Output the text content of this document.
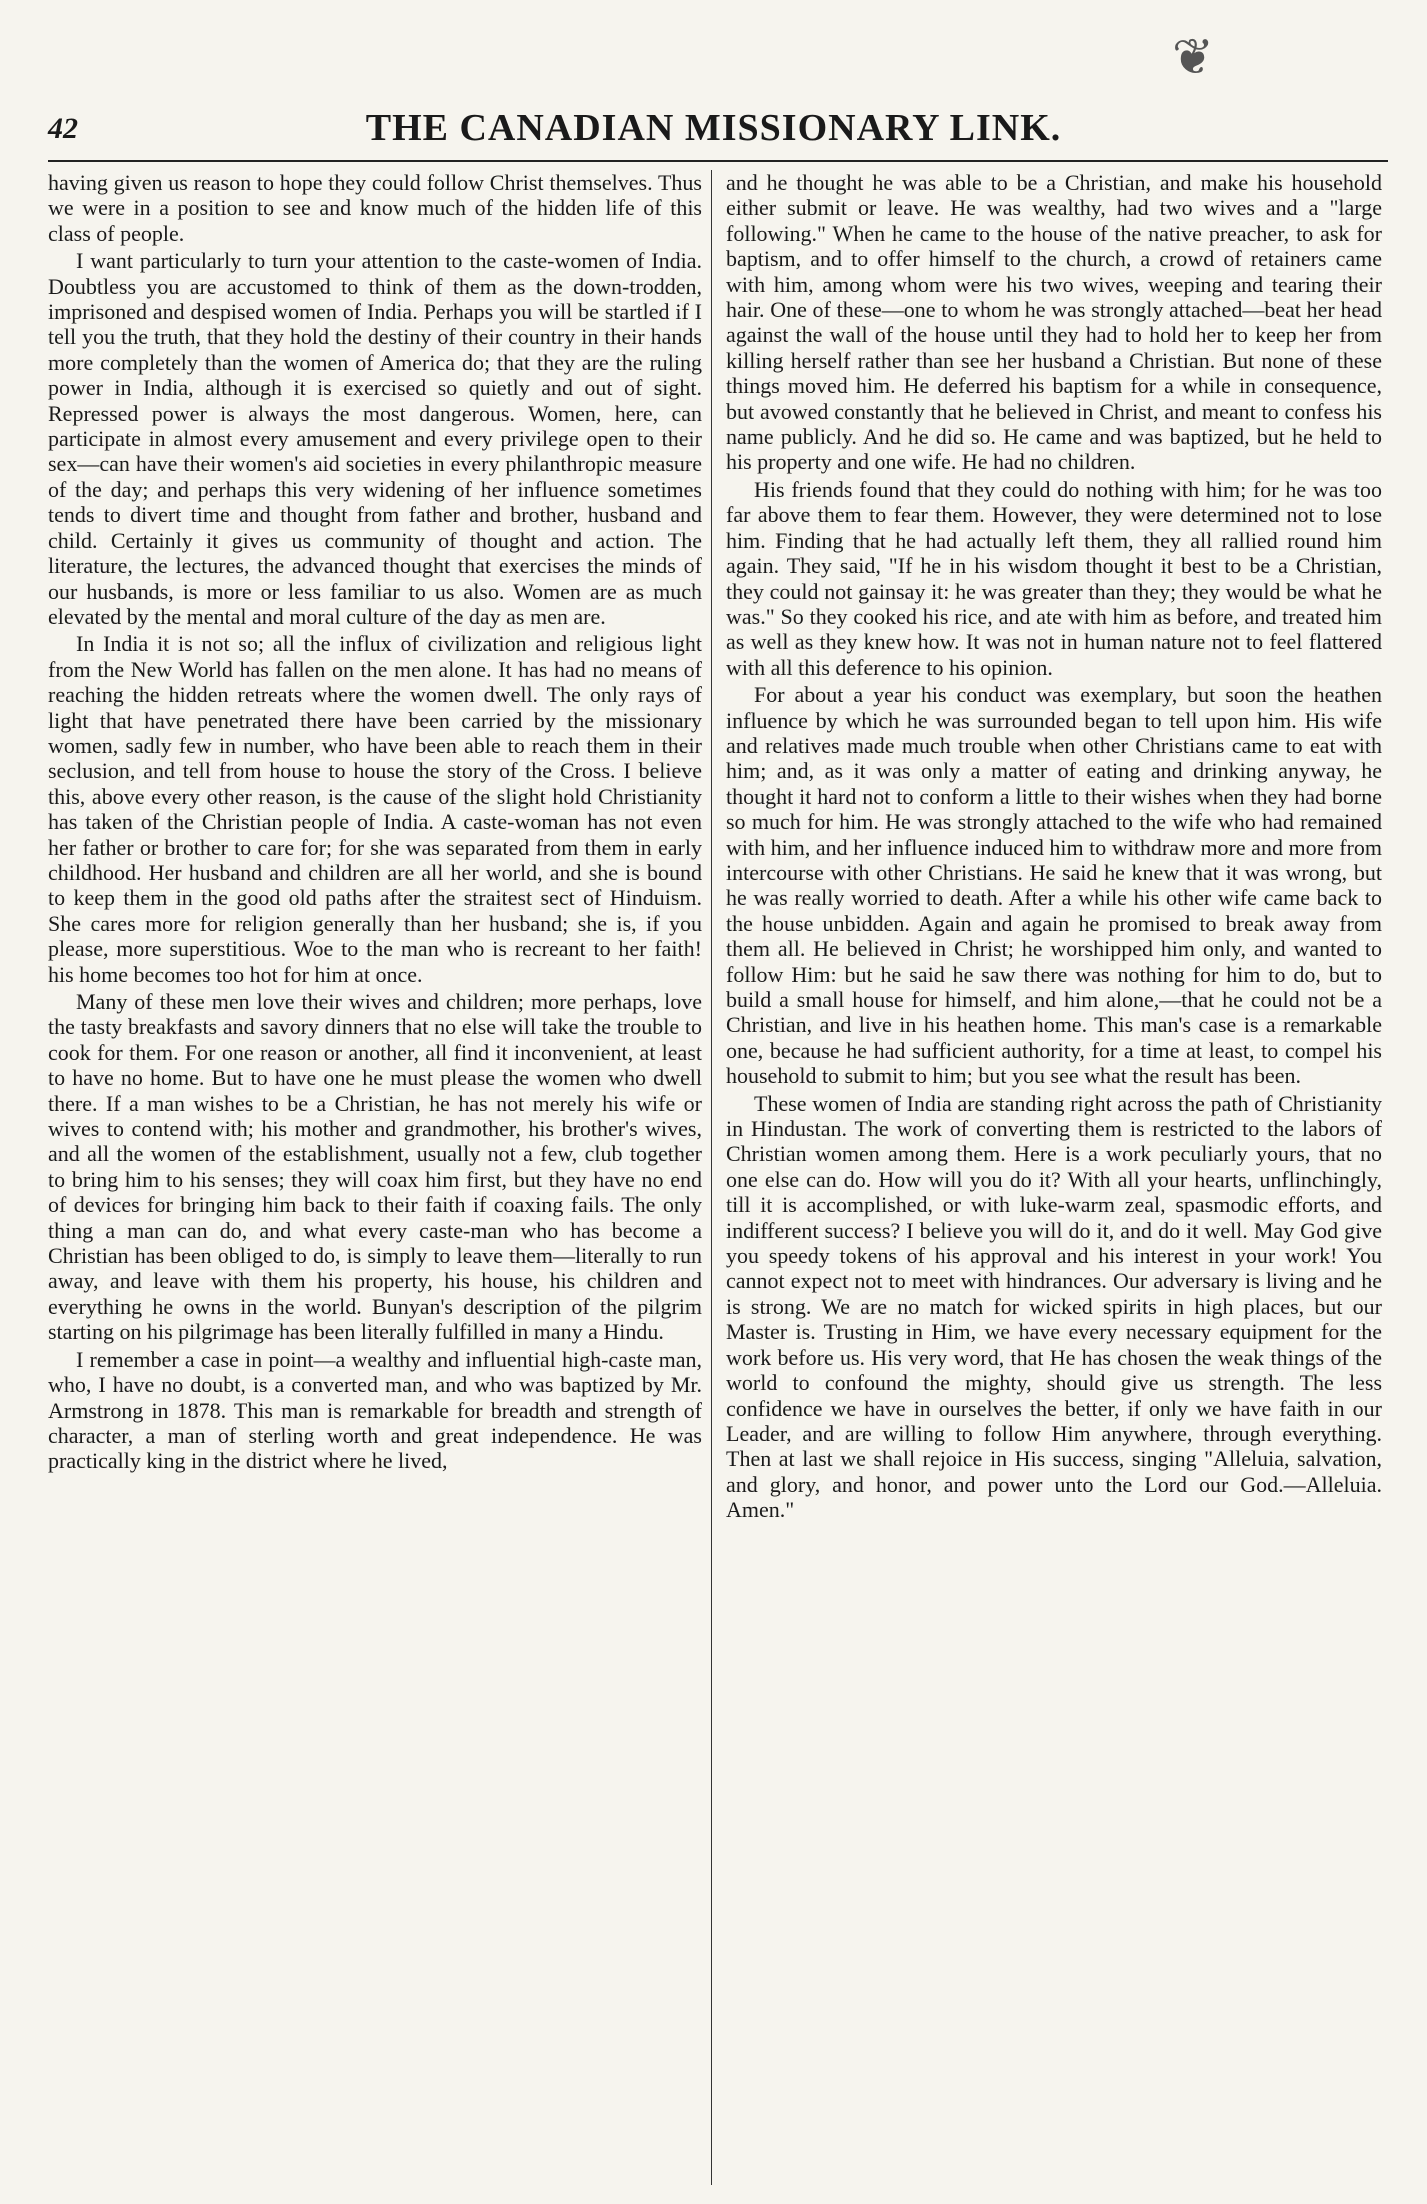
42
❦
THE CANADIAN MISSIONARY LINK.

having given us reason to hope they could follow Christ themselves. Thus we were in a position to see and know much of the hidden life of this class of people.

I want particularly to turn your attention to the caste-women of India. Doubtless you are accustomed to think of them as the down-trodden, imprisoned and despised women of India. Perhaps you will be startled if I tell you the truth, that they hold the destiny of their country in their hands more completely than the women of America do; that they are the ruling power in India, although it is exercised so quietly and out of sight. Repressed power is always the most dangerous. Women, here, can participate in almost every amusement and every privilege open to their sex—can have their women's aid societies in every philanthropic measure of the day; and perhaps this very widening of her influence sometimes tends to divert time and thought from father and brother, husband and child. Certainly it gives us community of thought and action. The literature, the lectures, the advanced thought that exercises the minds of our husbands, is more or less familiar to us also. Women are as much elevated by the mental and moral culture of the day as men are.

In India it is not so; all the influx of civilization and religious light from the New World has fallen on the men alone. It has had no means of reaching the hidden retreats where the women dwell. The only rays of light that have penetrated there have been carried by the missionary women, sadly few in number, who have been able to reach them in their seclusion, and tell from house to house the story of the Cross. I believe this, above every other reason, is the cause of the slight hold Christianity has taken of the Christian people of India. A caste-woman has not even her father or brother to care for; for she was separated from them in early childhood. Her husband and children are all her world, and she is bound to keep them in the good old paths after the straitest sect of Hinduism. She cares more for religion generally than her husband; she is, if you please, more superstitious. Woe to the man who is recreant to her faith! his home becomes too hot for him at once.

Many of these men love their wives and children; more perhaps, love the tasty breakfasts and savory dinners that no else will take the trouble to cook for them. For one reason or another, all find it inconvenient, at least to have no home. But to have one he must please the women who dwell there. If a man wishes to be a Christian, he has not merely his wife or wives to contend with; his mother and grandmother, his brother's wives, and all the women of the establishment, usually not a few, club together to bring him to his senses; they will coax him first, but they have no end of devices for bringing him back to their faith if coaxing fails. The only thing a man can do, and what every caste-man who has become a Christian has been obliged to do, is simply to leave them—literally to run away, and leave with them his property, his house, his children and everything he owns in the world. Bunyan's description of the pilgrim starting on his pilgrimage has been literally fulfilled in many a Hindu.

I remember a case in point—a wealthy and influential high-caste man, who, I have no doubt, is a converted man, and who was baptized by Mr. Armstrong in 1878. This man is remarkable for breadth and strength of character, a man of sterling worth and great independence. He was practically king in the district where he lived,

and he thought he was able to be a Christian, and make his household either submit or leave. He was wealthy, had two wives and a "large following." When he came to the house of the native preacher, to ask for baptism, and to offer himself to the church, a crowd of retainers came with him, among whom were his two wives, weeping and tearing their hair. One of these—one to whom he was strongly attached—beat her head against the wall of the house until they had to hold her to keep her from killing herself rather than see her husband a Christian. But none of these things moved him. He deferred his baptism for a while in consequence, but avowed constantly that he believed in Christ, and meant to confess his name publicly. And he did so. He came and was baptized, but he held to his property and one wife. He had no children.

His friends found that they could do nothing with him; for he was too far above them to fear them. However, they were determined not to lose him. Finding that he had actually left them, they all rallied round him again. They said, "If he in his wisdom thought it best to be a Christian, they could not gainsay it: he was greater than they; they would be what he was." So they cooked his rice, and ate with him as before, and treated him as well as they knew how. It was not in human nature not to feel flattered with all this deference to his opinion.

For about a year his conduct was exemplary, but soon the heathen influence by which he was surrounded began to tell upon him. His wife and relatives made much trouble when other Christians came to eat with him; and, as it was only a matter of eating and drinking anyway, he thought it hard not to conform a little to their wishes when they had borne so much for him. He was strongly attached to the wife who had remained with him, and her influence induced him to withdraw more and more from intercourse with other Christians. He said he knew that it was wrong, but he was really worried to death. After a while his other wife came back to the house unbidden. Again and again he promised to break away from them all. He believed in Christ; he worshipped him only, and wanted to follow Him: but he said he saw there was nothing for him to do, but to build a small house for himself, and him alone,—that he could not be a Christian, and live in his heathen home. This man's case is a remarkable one, because he had sufficient authority, for a time at least, to compel his household to submit to him; but you see what the result has been.

These women of India are standing right across the path of Christianity in Hindustan. The work of converting them is restricted to the labors of Christian women among them. Here is a work peculiarly yours, that no one else can do. How will you do it? With all your hearts, unflinchingly, till it is accomplished, or with luke-warm zeal, spasmodic efforts, and indifferent success? I believe you will do it, and do it well. May God give you speedy tokens of his approval and his interest in your work! You cannot expect not to meet with hindrances. Our adversary is living and he is strong. We are no match for wicked spirits in high places, but our Master is. Trusting in Him, we have every necessary equipment for the work before us. His very word, that He has chosen the weak things of the world to confound the mighty, should give us strength. The less confidence we have in ourselves the better, if only we have faith in our Leader, and are willing to follow Him anywhere, through everything. Then at last we shall rejoice in His success, singing "Alleluia, salvation, and glory, and honor, and power unto the Lord our God.—Alleluia. Amen."
